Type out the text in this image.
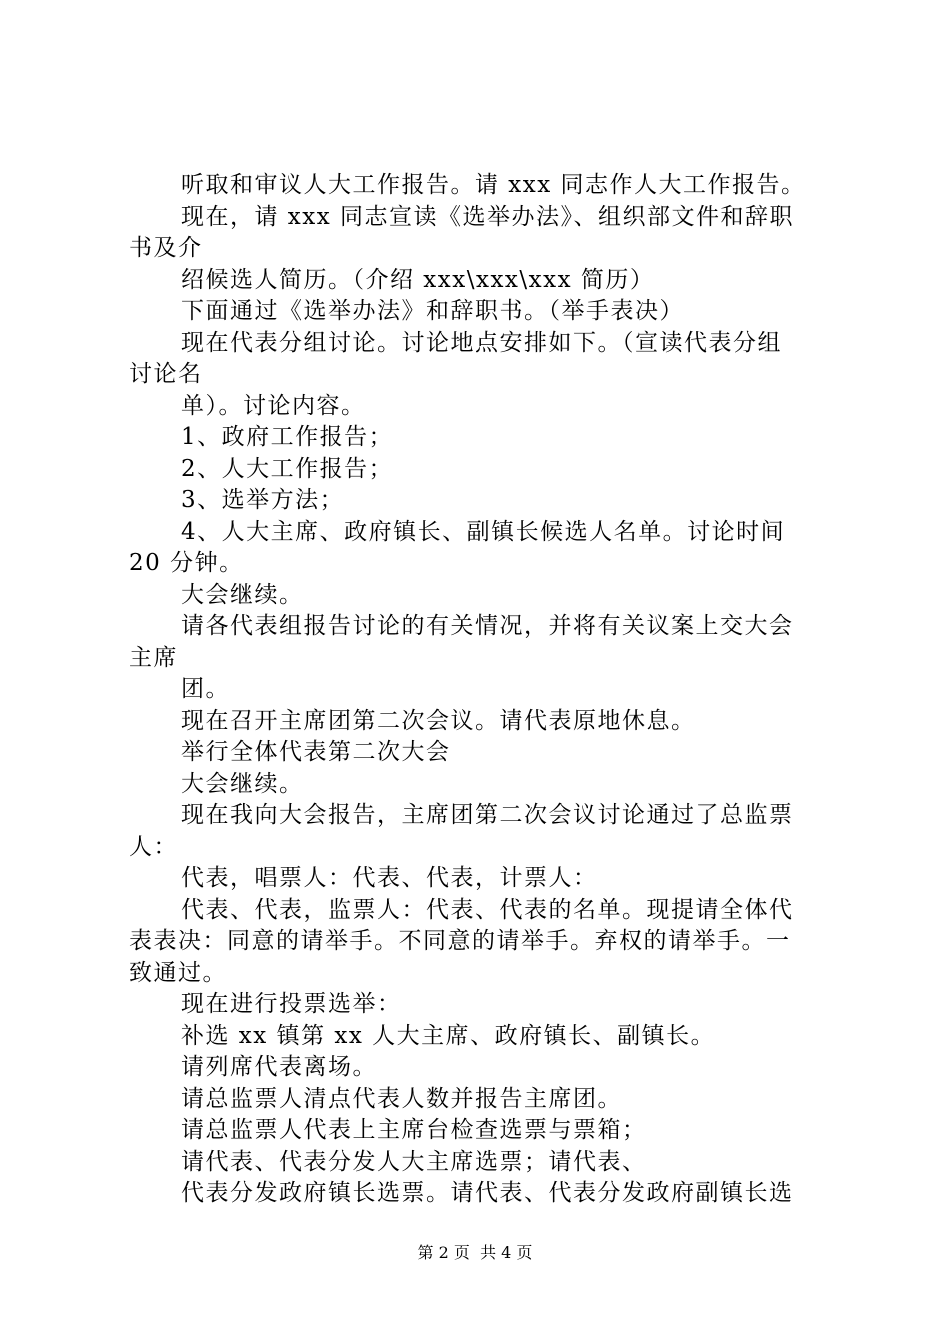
听取和审议人大工作报告。请 xxx 同志作人大工作报告。
现在，请 xxx 同志宣读《选举办法》、组织部文件和辞职
书及介
绍候选人简历。（介绍 xxx\xxx\xxx 简历）
下面通过《选举办法》和辞职书。（举手表决）
现在代表分组讨论。讨论地点安排如下。（宣读代表分组
讨论名
单）。讨论内容。
1、政府工作报告；
2、人大工作报告；
3、选举方法；
4、人大主席、政府镇长、副镇长候选人名单。讨论时间
20 分钟。
大会继续。
请各代表组报告讨论的有关情况，并将有关议案上交大会
主席
团。
现在召开主席团第二次会议。请代表原地休息。
举行全体代表第二次大会
大会继续。
现在我向大会报告，主席团第二次会议讨论通过了总监票
人：
代表，唱票人：代表、代表，计票人：
代表、代表，监票人：代表、代表的名单。现提请全体代
表表决：同意的请举手。不同意的请举手。弃权的请举手。一
致通过。
现在进行投票选举：
补选 xx 镇第 xx 人大主席、政府镇长、副镇长。
请列席代表离场。
请总监票人清点代表人数并报告主席团。
请总监票人代表上主席台检查选票与票箱；
请代表、代表分发人大主席选票；请代表、
代表分发政府镇长选票。请代表、代表分发政府副镇长选
第 2 页  共 4 页
